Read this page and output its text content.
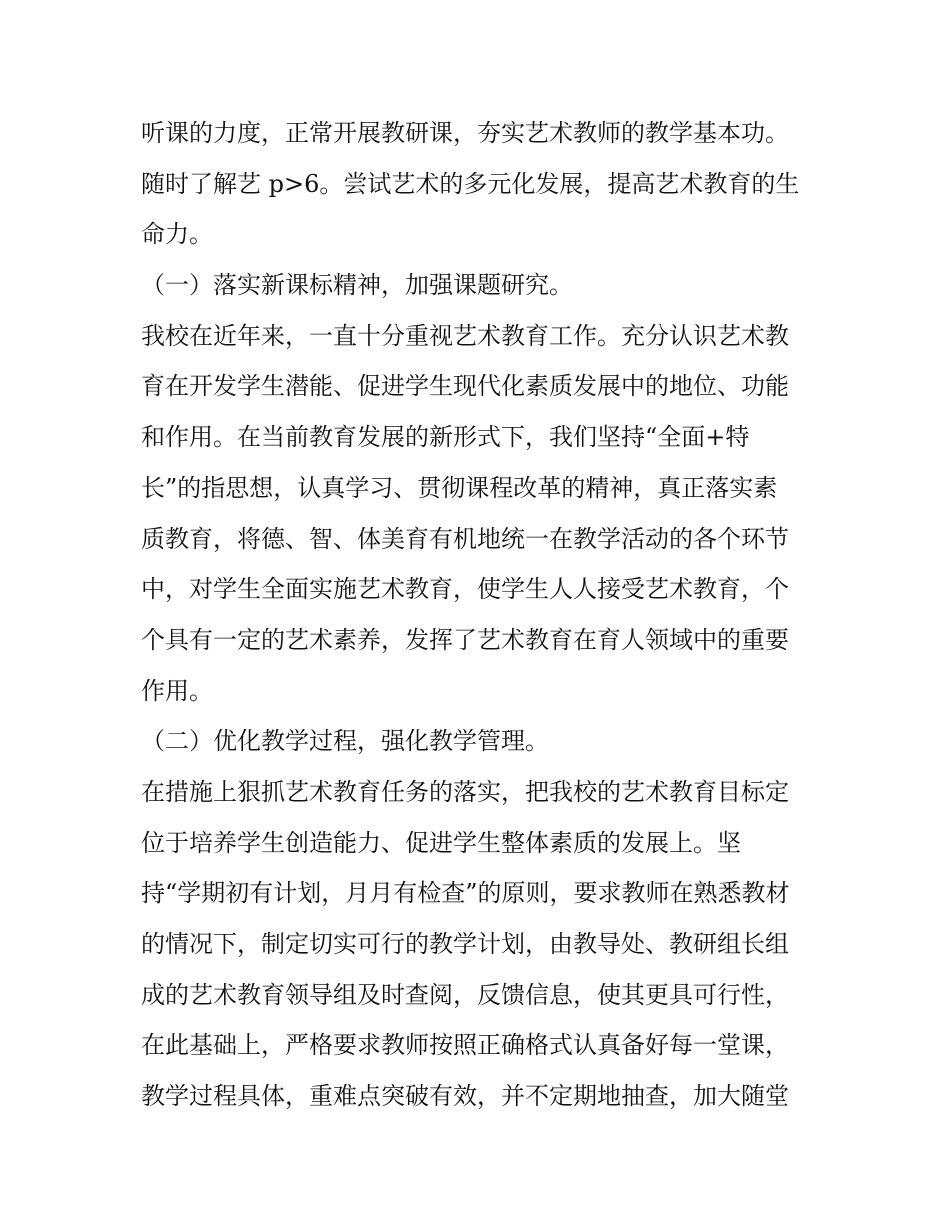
听课的力度，正常开展教研课，夯实艺术教师的教学基本功。
随时了解艺 p>6。尝试艺术的多元化发展，提高艺术教育的生
命力。
（一）落实新课标精神，加强课题研究。
我校在近年来，一直十分重视艺术教育工作。充分认识艺术教
育在开发学生潜能、促进学生现代化素质发展中的地位、功能
和作用。在当前教育发展的新形式下，我们坚持“全面+特
长”的指思想，认真学习、贯彻课程改革的精神，真正落实素
质教育，将德、智、体美育有机地统一在教学活动的各个环节
中，对学生全面实施艺术教育，使学生人人接受艺术教育，个
个具有一定的艺术素养，发挥了艺术教育在育人领域中的重要
作用。
（二）优化教学过程，强化教学管理。
在措施上狠抓艺术教育任务的落实，把我校的艺术教育目标定
位于培养学生创造能力、促进学生整体素质的发展上。坚
持“学期初有计划，月月有检查”的原则，要求教师在熟悉教材
的情况下，制定切实可行的教学计划，由教导处、教研组长组
成的艺术教育领导组及时查阅，反馈信息，使其更具可行性，
在此基础上，严格要求教师按照正确格式认真备好每一堂课，
教学过程具体，重难点突破有效，并不定期地抽查，加大随堂
